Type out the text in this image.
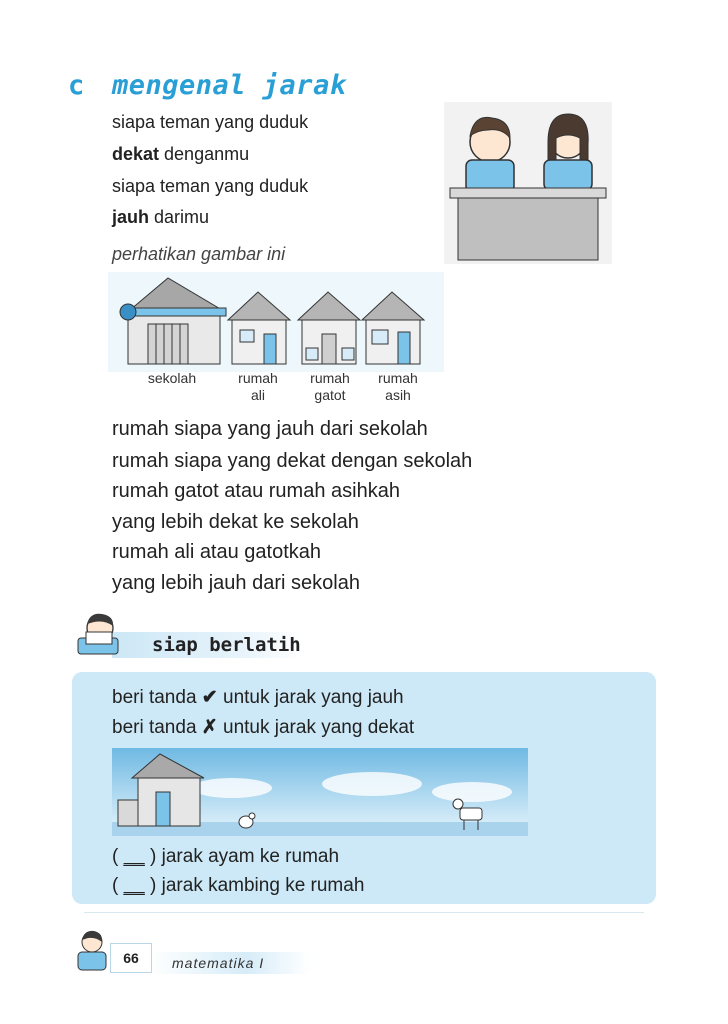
c mengenal jarak
siapa teman yang duduk
dekat denganmu
siapa teman yang duduk
jauh darimu
perhatikan gambar ini
sekolah	rumah
ali
rumah
gatot
rumah
asih
rumah siapa yang jauh dari sekolah
rumah siapa yang dekat dengan sekolah
rumah gatot atau rumah asihkah
yang lebih dekat ke sekolah
rumah ali atau gatotkah
yang lebih jauh dari sekolah
siap berlatih
beri tanda ✔ untuk jarak yang jauh
beri tanda ✗ untuk jarak yang dekat
( __ ) jarak ayam ke rumah
( __ ) jarak kambing ke rumah
66	matematika I
